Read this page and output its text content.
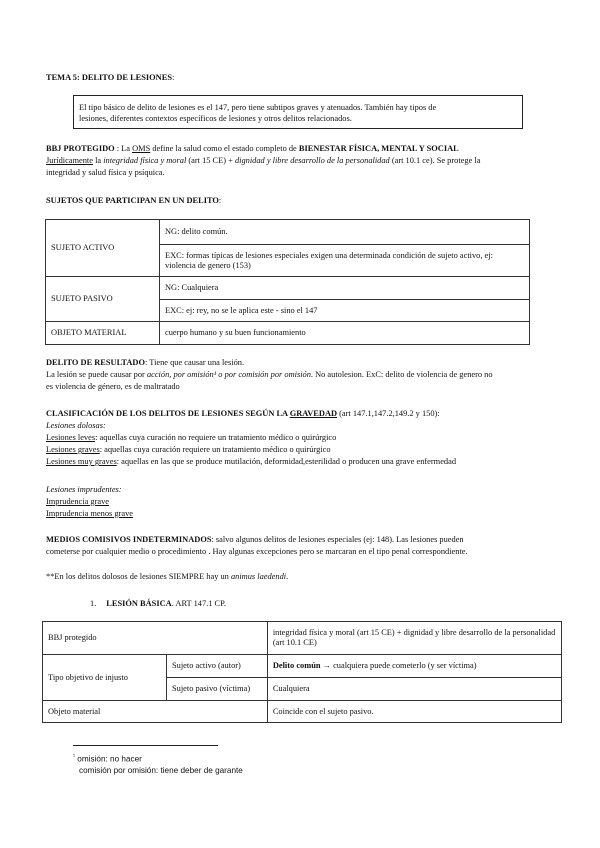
TEMA 5: DELITO DE LESIONES:
El tipo básico de delito de lesiones es el 147, pero tiene subtipos graves y atenuados. También hay tipos de
lesiones, diferentes contextos específicos de lesiones y otros delitos relacionados.
BBJ PROTEGIDO : La OMS define la salud como el estado completo de BIENESTAR FÍSICA, MENTAL Y SOCIAL
Jurídicamente la integridad física y moral (art 15 CE) + dignidad y libre desarrollo de la personalidad (art 10.1 ce). Se protege la
integridad y salud física y psíquica.
SUJETOS QUE PARTICIPAN EN UN DELITO:
SUJETO ACTIVO	NG: delito común.
	EXC: formas típicas de lesiones especiales exigen una determinada condición de sujeto activo, ej: violencia de genero (153)
SUJETO PASIVO	NG: Cualquiera
	EXC: ej: rey, no se le aplica este - sino el 147
OBJETO MATERIAL	cuerpo humano y su buen funcionamiento
DELITO DE RESULTADO: Tiene que causar una lesión.
La lesión se puede causar por acción, por omisión¹ o por comisión por omisión. No autolesion. ExC: delito de violencia de genero no
es violencia de género, es de maltratado
CLASIFICACIÓN DE LOS DELITOS DE LESIONES SEGÚN LA GRAVEDAD (art 147.1,147.2,149.2 y 150):
Lesiones dolosas:
Lesiones leves: aquellas cuya curación no requiere un tratamiento médico o quirúrgico
Lesiones graves: aquellas cuya curación requiere un tratamiento médico o quirúrgico
Lesiones muy graves: aquellas en las que se produce mutilación, deformidad,esterilidad o producen una grave enfermedad
Lesiones imprudentes:
Imprudencia grave
Imprudencia menos grave
MEDIOS COMISIVOS INDETERMINADOS: salvo algunos delitos de lesiones especiales (ej: 148). Las lesiones pueden
cometerse por cualquier medio o procedimiento . Hay algunas excepciones pero se marcaran en el tipo penal correspondiente.
**En los delitos dolosos de lesiones SIEMPRE hay un animus laedendi.
1. LESIÓN BÁSICA. ART 147.1 CP.
BBJ protegido		integridad física y moral (art 15 CE) + dignidad y libre desarrollo de la personalidad (art 10.1 CE)
Tipo objetivo de injusto	Sujeto activo (autor)	Delito común → cualquiera puede cometerlo (y ser víctima)
	Sujeto pasivo (víctima)	Cualquiera
Objeto material		Coincide con el sujeto pasivo.
$^{^1}$ omisión: no hacer
comisión por omisión: tiene deber de garante
